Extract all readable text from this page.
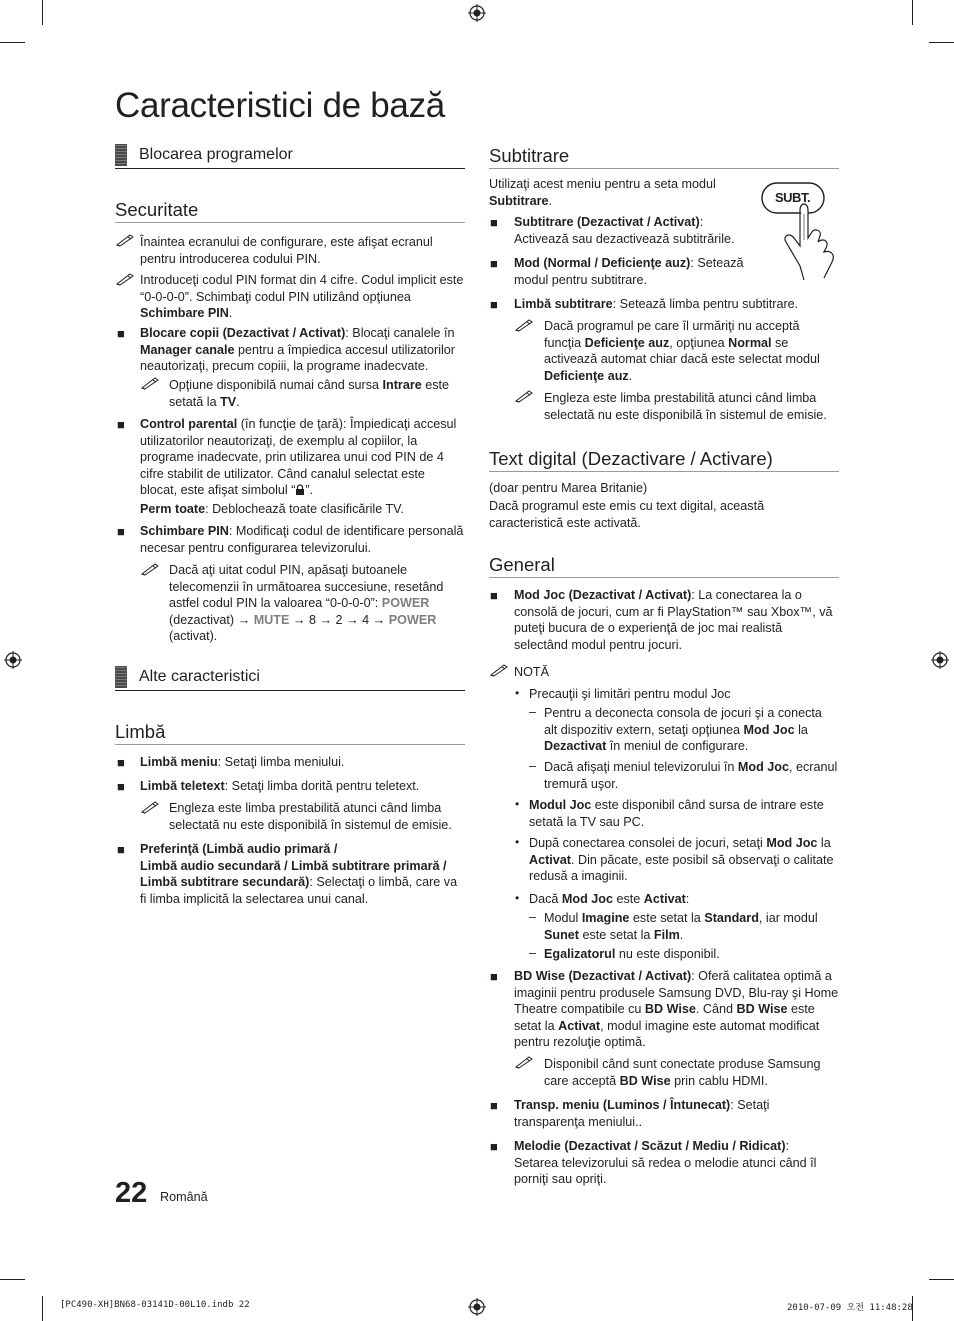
Caracteristici de bază
Blocarea programelor
Securitate
Înaintea ecranului de configurare, este afişat ecranul pentru introducerea codului PIN.
Introduceţi codul PIN format din 4 cifre. Codul implicit este “0-0-0-0”. Schimbaţi codul PIN utilizând opţiunea Schimbare PIN.
■ Blocare copii (Dezactivat / Activat): Blocaţi canalele în Manager canale pentru a împiedica accesul utilizatorilor neautorizaţi, precum copiii, la programe inadecvate.
Opţiune disponibilă numai când sursa Intrare este setată la TV.
■ Control parental (în funcţie de ţară): Împiedicaţi accesul utilizatorilor neautorizaţi, de exemplu al copiilor, la programe inadecvate, prin utilizarea unui cod PIN de 4 cifre stabilit de utilizator. Când canalul selectat este blocat, este afişat simbolul “ ”.
Perm toate: Deblochează toate clasificările TV.
■ Schimbare PIN: Modificaţi codul de identificare personală necesar pentru configurarea televizorului.
Dacă aţi uitat codul PIN, apăsaţi butoanele telecomenzii în următoarea succesiune, resetând astfel codul PIN la valoarea “0-0-0-0”: POWER
(dezactivat) → MUTE → 8 → 2 → 4 → POWER
(activat).
Alte caracteristici
Limbă
■ Limbă meniu: Setaţi limba meniului.
■ Limbă teletext: Setaţi limba dorită pentru teletext.
Engleza este limba prestabilită atunci când limba selectată nu este disponibilă în sistemul de emisie.
■ Preferinţă (Limbă audio primară /
Limbă audio secundară / Limbă subtitrare primară /
Limbă subtitrare secundară): Selectaţi o limbă, care va fi limba implicită la selectarea unui canal.
22 Română
Subtitrare
Utilizaţi acest meniu pentru a seta modul
Subtitrare.	SUBT.
■ Subtitrare (Dezactivat / Activat): Activează sau dezactivează subtitrările.
■ Mod (Normal / Deficienţe auz): Setează modul pentru subtitrare.
■ Limbă subtitrare: Setează limba pentru subtitrare.
Dacă programul pe care îl urmăriţi nu acceptă funcţia Deficienţe auz, opţiunea Normal se activează automat chiar dacă este selectat modul Deficienţe auz.
Engleza este limba prestabilită atunci când limba selectată nu este disponibilă în sistemul de emisie.
Text digital (Dezactivare / Activare)
(doar pentru Marea Britanie)
Dacă programul este emis cu text digital, această caracteristică este activată.
General
■ Mod Joc (Dezactivat / Activat): La conectarea la o consolă de jocuri, cum ar fi PlayStation™ sau Xbox™, vă puteţi bucura de o experienţă de joc mai realistă selectând modul pentru jocuri.
NOTĂ
• Precauţii şi limitări pentru modul Joc
– Pentru a deconecta consola de jocuri şi a conecta alt dispozitiv extern, setaţi opţiunea Mod Joc la Dezactivat în meniul de configurare.
– Dacă afişaţi meniul televizorului în Mod Joc, ecranul tremură uşor.
• Modul Joc este disponibil când sursa de intrare este setată la TV sau PC.
• După conectarea consolei de jocuri, setaţi Mod Joc la Activat. Din păcate, este posibil să observaţi o calitate redusă a imaginii.
• Dacă Mod Joc este Activat:
– Modul Imagine este setat la Standard, iar modul Sunet este setat la Film.
– Egalizatorul nu este disponibil.
■ BD Wise (Dezactivat / Activat): Oferă calitatea optimă a imaginii pentru produsele Samsung DVD, Blu-ray şi Home Theatre compatibile cu BD Wise. Când BD Wise este setat la Activat, modul imagine este automat modificat pentru rezoluţie optimă.
Disponibil când sunt conectate produse Samsung care acceptă BD Wise prin cablu HDMI.
■ Transp. meniu (Luminos / Întunecat): Setaţi transparenţa meniului..
■ Melodie (Dezactivat / Scăzut / Mediu / Ridicat): Setarea televizorului să redea o melodie atunci când îl porniţi sau opriţi.
[PC490-XH]BN68-03141D-00L10.indb 22	2010-07-09 오전 11:48:28
